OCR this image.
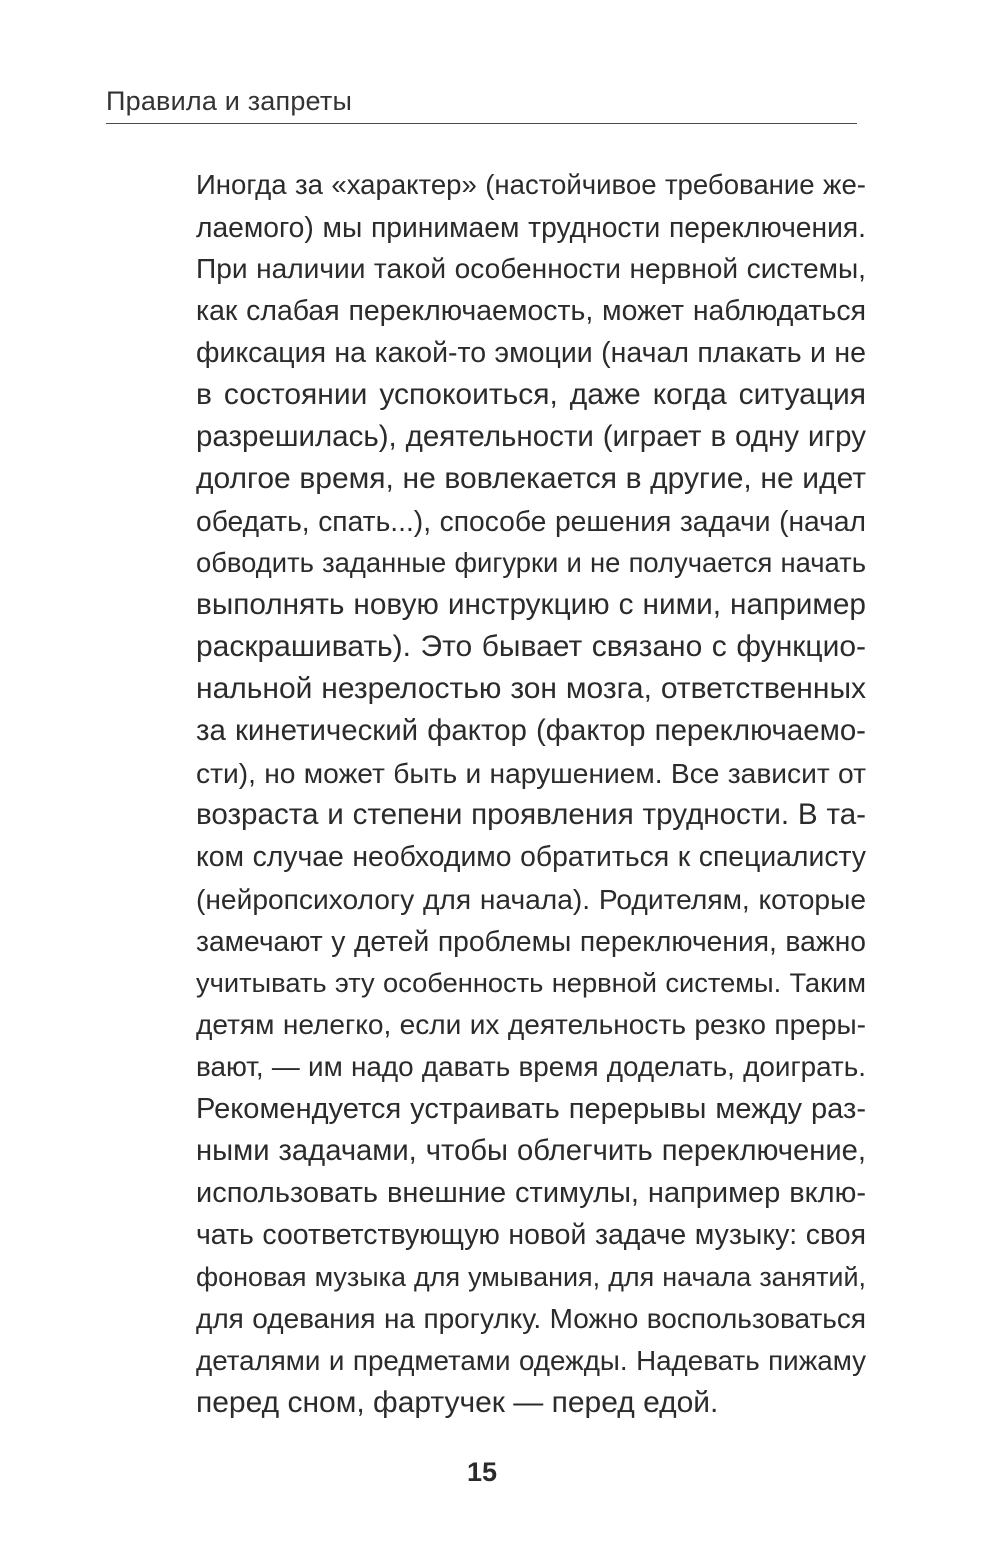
Правила и запреты
Иногда за «характер» (настойчивое требование же-
лаемого) мы принимаем трудности переключения.
При наличии такой особенности нервной системы,
как слабая переключаемость, может наблюдаться
фиксация на какой-то эмоции (начал плакать и не
в состоянии успокоиться, даже когда ситуация
разрешилась), деятельности (играет в одну игру
долгое время, не вовлекается в другие, не идет
обедать, спать...), способе решения задачи (начал
обводить заданные фигурки и не получается начать
выполнять новую инструкцию с ними, например
раскрашивать). Это бывает связано с функцио-
нальной незрелостью зон мозга, ответственных
за кинетический фактор (фактор переключаемо-
сти), но может быть и нарушением. Все зависит от
возраста и степени проявления трудности. В та-
ком случае необходимо обратиться к специалисту
(нейропсихологу для начала). Родителям, которые
замечают у детей проблемы переключения, важно
учитывать эту особенность нервной системы. Таким
детям нелегко, если их деятельность резко преры-
вают, — им надо давать время доделать, доиграть.
Рекомендуется устраивать перерывы между раз-
ными задачами, чтобы облегчить переключение,
использовать внешние стимулы, например вклю-
чать соответствующую новой задаче музыку: своя
фоновая музыка для умывания, для начала занятий,
для одевания на прогулку. Можно воспользоваться
деталями и предметами одежды. Надевать пижаму
перед сном, фартучек — перед едой.
15
